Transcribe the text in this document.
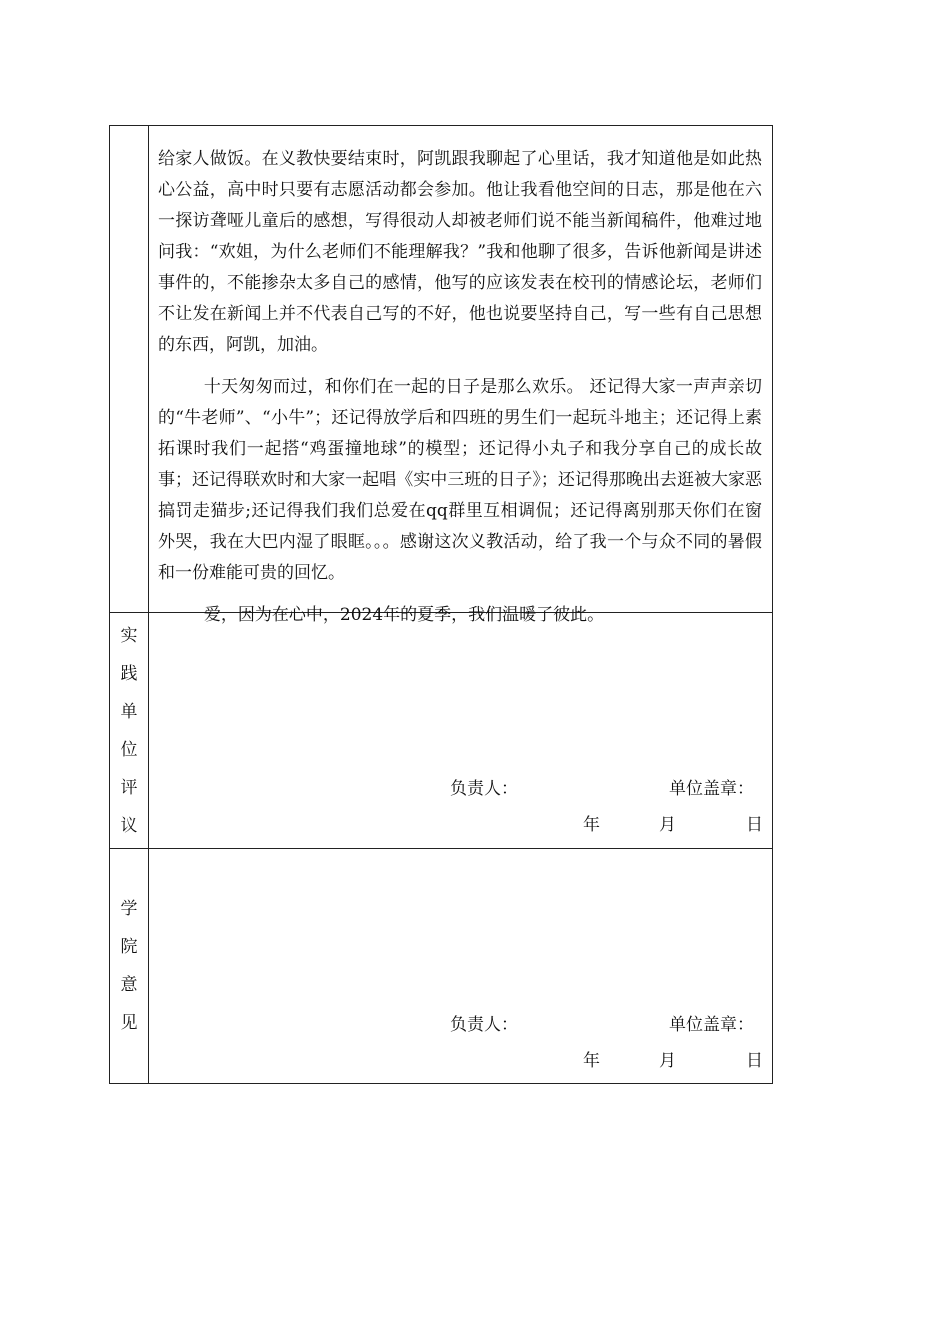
给家人做饭。在义教快要结束时，阿凯跟我聊起了心里话，我才知道他是如此热心公益，高中时只要有志愿活动都会参加。他让我看他空间的日志，那是他在六一探访聋哑儿童后的感想，写得很动人却被老师们说不能当新闻稿件，他难过地问我：“欢姐，为什么老师们不能理解我？”我和他聊了很多，告诉他新闻是讲述事件的，不能掺杂太多自己的感情，他写的应该发表在校刊的情感论坛，老师们不让发在新闻上并不代表自己写的不好，他也说要坚持自己，写一些有自己思想的东西，阿凯，加油。

十天匆匆而过，和你们在一起的日子是那么欢乐。 还记得大家一声声亲切的“牛老师”、“小牛”；还记得放学后和四班的男生们一起玩斗地主；还记得上素拓课时我们一起搭“鸡蛋撞地球”的模型；还记得小丸子和我分享自己的成长故事；还记得联欢时和大家一起唱《实中三班的日子》；还记得那晚出去逛被大家恶搞罚走猫步;还记得我们我们总爱在qq群里互相调侃；还记得离别那天你们在窗外哭，我在大巴内湿了眼眶。。。感谢这次义教活动，给了我一个与众不同的暑假和一份难能可贵的回忆。

爱，因为在心中，2024年的夏季，我们温暖了彼此。

实
践
单
位
评
议
负责人：	单位盖章：
年	月	日
学
院
意
见	负责人：	单位盖章：
年	月	日
